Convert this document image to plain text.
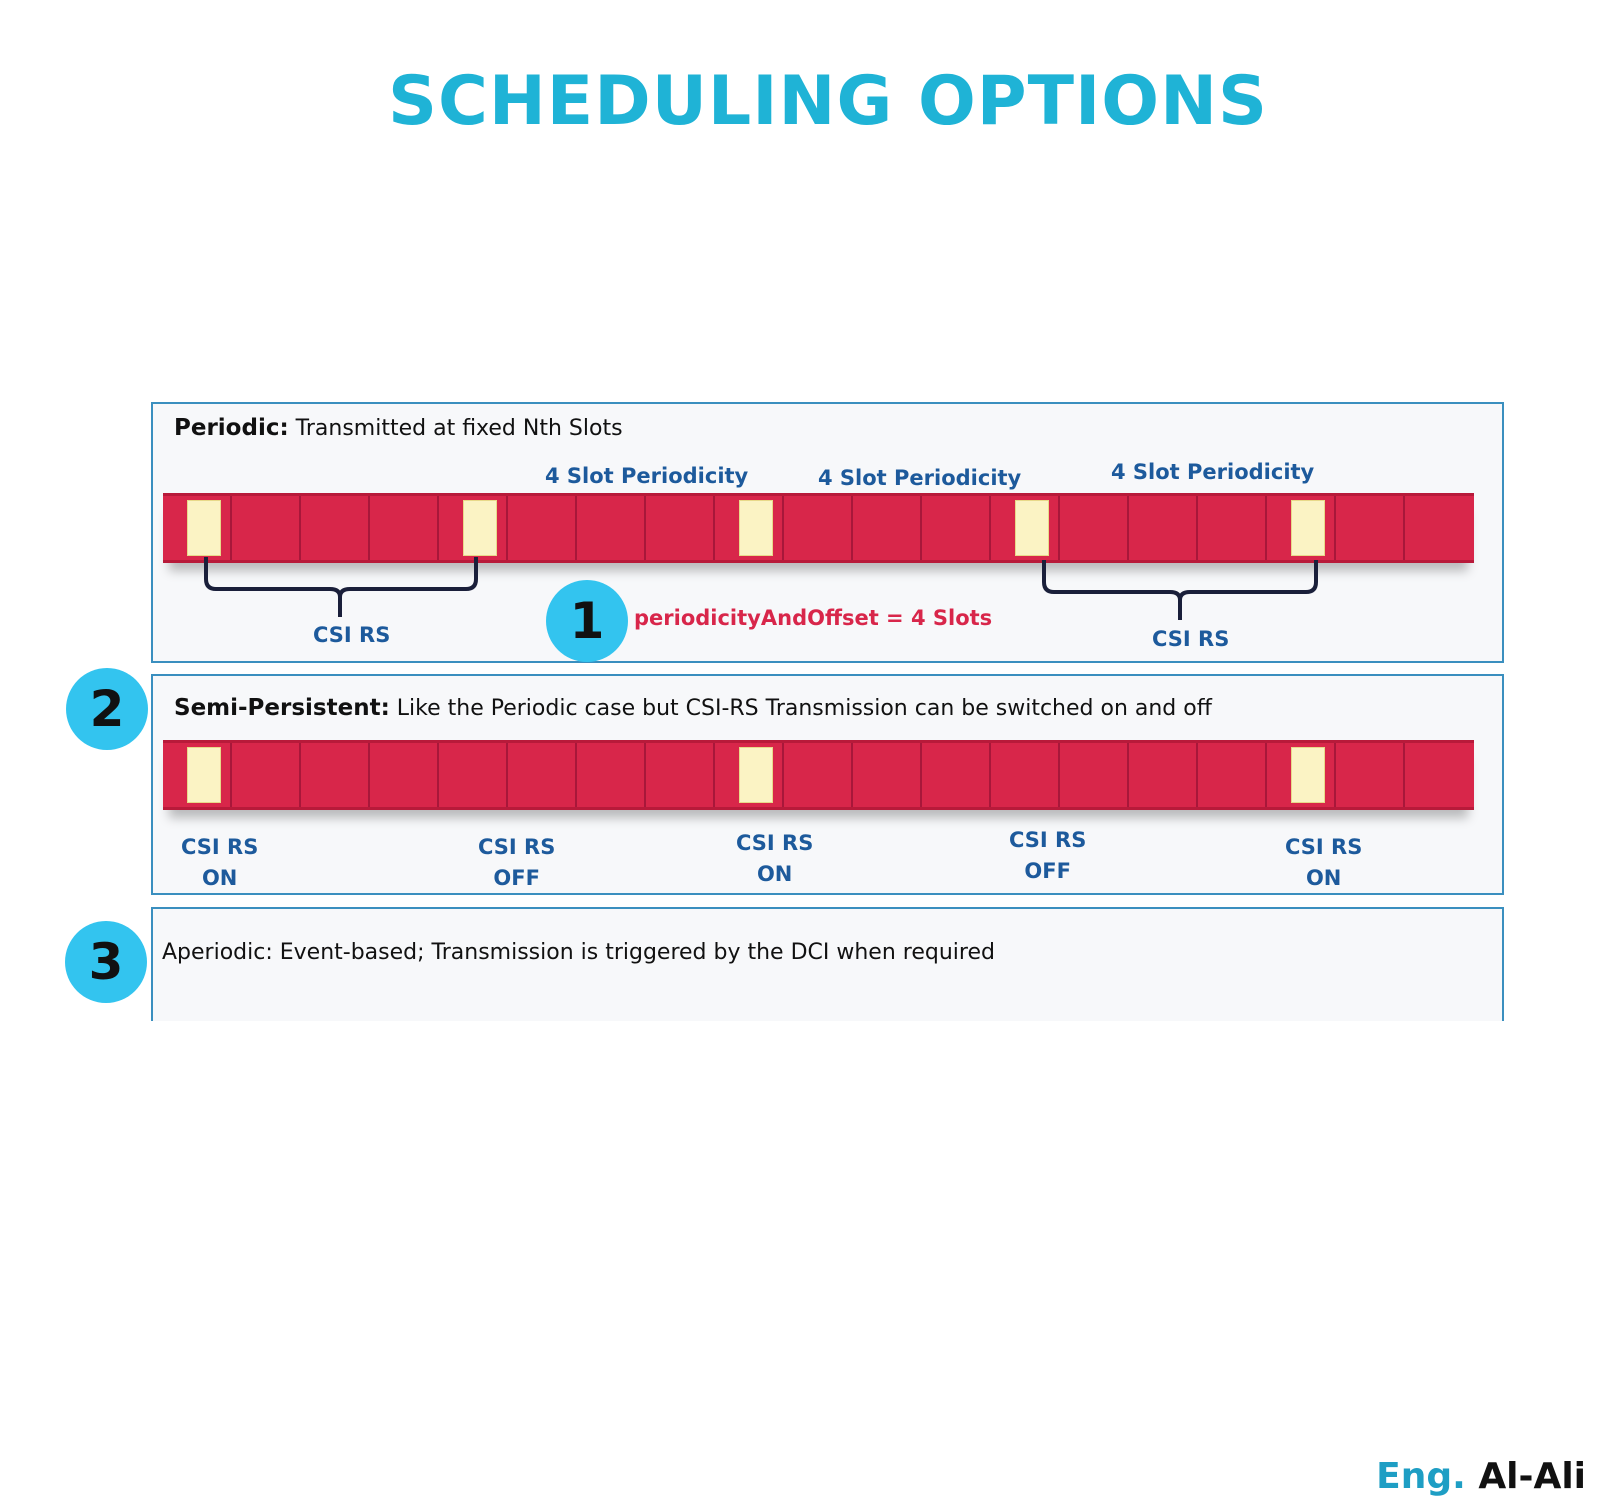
SCHEDULING OPTIONS
Periodic: Transmitted at fixed Nth Slots
4 Slot Periodicity	4 Slot Periodicity	4 Slot Periodicity
CSI RS	CSI RS
1	periodicityAndOffset = 4 Slots
2	Semi-Persistent: Like the Periodic case but CSI-RS Transmission can be switched on and off
CSI RS
ON
CSI RS
OFF
CSI RS
ON
CSI RS
OFF
CSI RS
ON
3	Aperiodic: Event-based; Transmission is triggered by the DCI when required
Eng. Al-Ali
